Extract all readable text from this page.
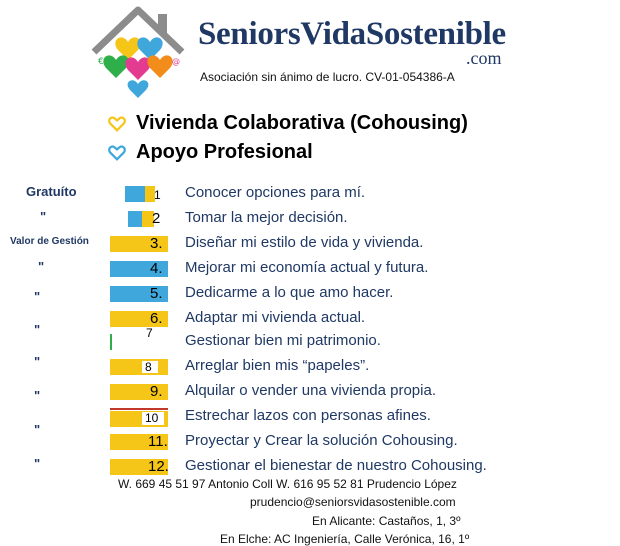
€	@
SeniorsVidaSostenible
.com
Asociación sin ánimo de lucro. CV-01-054386-A
Vivienda Colaborativa (Cohousing)
Apoyo Profesional
Gratuíto
"
Valor de Gestión
"
"
"
"
"
"
"
1 Conocer opciones para mí.
2 Tomar la mejor decisión.
3. Diseñar mi estilo de vida y vivienda.
4. Mejorar mi economía actual y futura.
5. Dedicarme a lo que amo hacer.
6. Adaptar mi vivienda actual.
7 Gestionar bien mi patrimonio.
8 Arreglar bien mis “papeles”.
9. Alquilar o vender una vivienda propia.
10 Estrechar lazos con personas afines.
11. Proyectar y Crear la solución Cohousing.
12. Gestionar el bienestar de nuestro Cohousing.
W. 669 45 51 97 Antonio Coll W. 616 95 52 81 Prudencio López
prudencio@seniorsvidasostenible.com
En Alicante: Castaños, 1, 3º
En Elche: AC Ingeniería, Calle Verónica, 16, 1º
